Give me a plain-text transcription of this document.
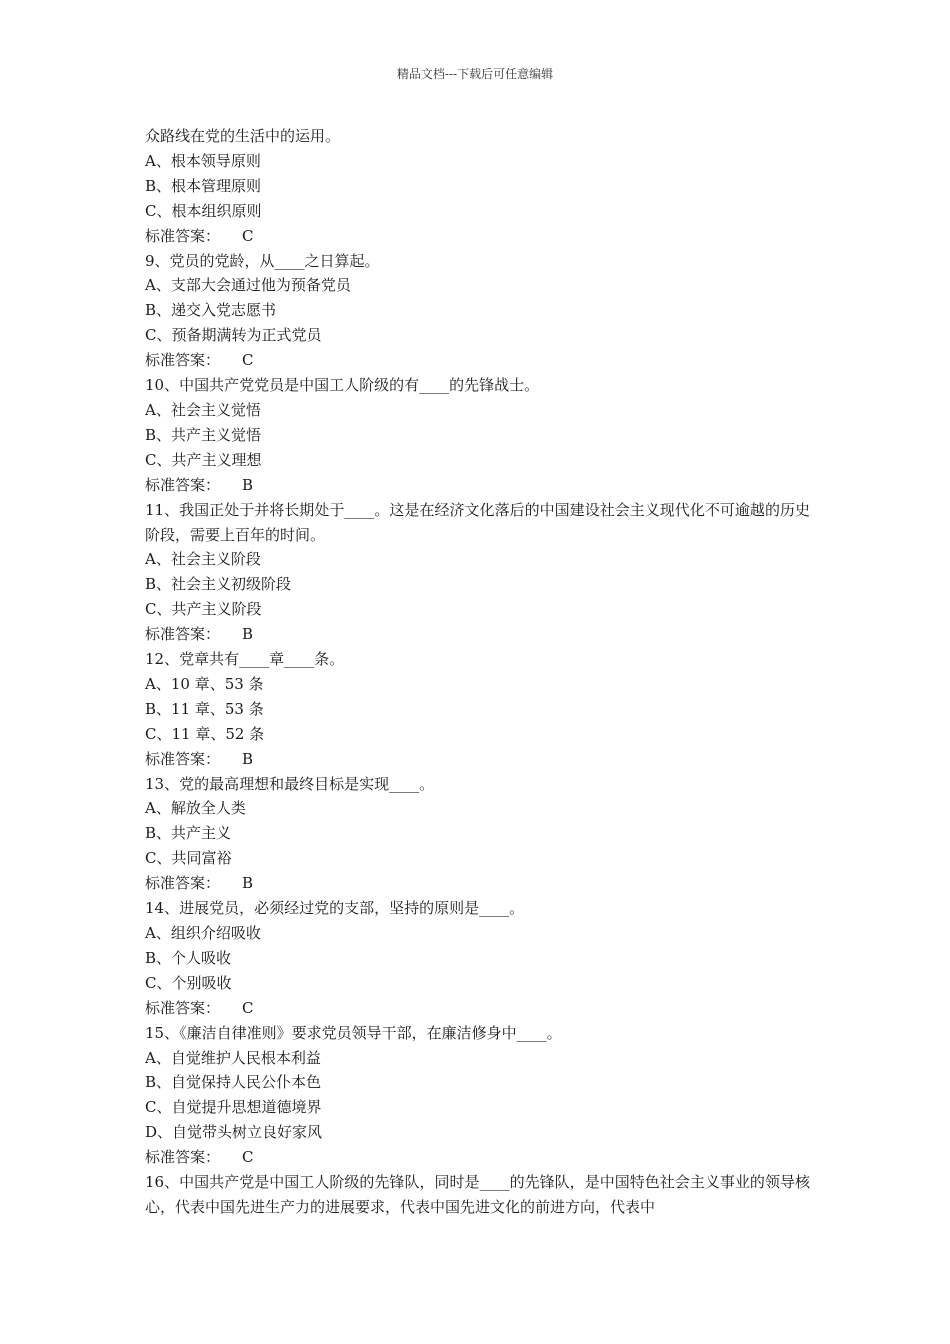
精品文档---下载后可任意编辑

众路线在党的生活中的运用。

A、根本领导原则

B、根本管理原则

C、根本组织原则

标准答案： C

9、党员的党龄，从____之日算起。

A、支部大会通过他为预备党员

B、递交入党志愿书

C、预备期满转为正式党员

标准答案： C

10、中国共产党党员是中国工人阶级的有____的先锋战士。

A、社会主义觉悟

B、共产主义觉悟

C、共产主义理想

标准答案： B

11、我国正处于并将长期处于____。这是在经济文化落后的中国建设社会主义现代化不可逾越的历史阶段，需要上百年的时间。

A、社会主义阶段

B、社会主义初级阶段

C、共产主义阶段

标准答案： B

12、党章共有____章____条。

A、10 章、53 条

B、11 章、53 条

C、11 章、52 条

标准答案： B

13、党的最高理想和最终目标是实现____。

A、解放全人类

B、共产主义

C、共同富裕

标准答案： B

14、进展党员，必须经过党的支部，坚持的原则是____。

A、组织介绍吸收

B、个人吸收

C、个别吸收

标准答案： C

15、《廉洁自律准则》要求党员领导干部，在廉洁修身中____。

A、自觉维护人民根本利益

B、自觉保持人民公仆本色

C、自觉提升思想道德境界

D、自觉带头树立良好家风

标准答案： C

16、中国共产党是中国工人阶级的先锋队，同时是____的先锋队，是中国特色社会主义事业的领导核心，代表中国先进生产力的进展要求，代表中国先进文化的前进方向，代表中
